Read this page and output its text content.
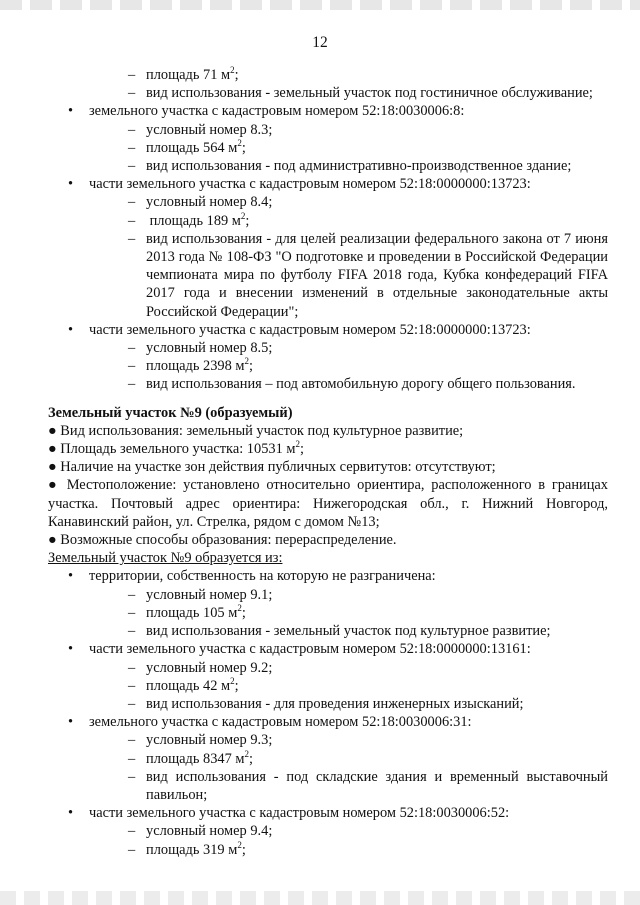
12
– площадь 71 $м^2$;
– вид использования - земельный участок под гостиничное обслуживание;
• земельного участка с кадастровым номером 52:18:0030006:8:
– условный номер 8.3;
– площадь 564 $м^2$;
– вид использования - под административно-производственное здание;
• части земельного участка с кадастровым номером 52:18:0000000:13723:
– условный номер 8.4;
– площадь 189 $м^2$;
– вид использования - для целей реализации федерального закона от 7 июня 2013 года № 108-ФЗ "О подготовке и проведении в Российской Федерации чемпионата мира по футболу FIFA 2018 года, Кубка конфедераций FIFA 2017 года и внесении изменений в отдельные законодательные акты Российской Федерации";
• части земельного участка с кадастровым номером 52:18:0000000:13723:
– условный номер 8.5;
– площадь 2398 $м^2$;
– вид использования – под автомобильную дорогу общего пользования.
Земельный участок №9 (образуемый)
● Вид использования: земельный участок под культурное развитие;
● Площадь земельного участка: 10531 $м^2$;
● Наличие на участке зон действия публичных сервитутов: отсутствуют;
● Местоположение: установлено относительно ориентира, расположенного в границах участка. Почтовый адрес ориентира: Нижегородская обл., г. Нижний Новгород, Канавинский район, ул. Стрелка, рядом с домом №13;
● Возможные способы образования: перераспределение.
Земельный участок №9 образуется из:
• территории, собственность на которую не разграничена:
– условный номер 9.1;
– площадь 105 $м^2$;
– вид использования - земельный участок под культурное развитие;
• части земельного участка с кадастровым номером 52:18:0000000:13161:
– условный номер 9.2;
– площадь 42 $м^2$;
– вид использования - для проведения инженерных изысканий;
• земельного участка с кадастровым номером 52:18:0030006:31:
– условный номер 9.3;
– площадь 8347 $м^2$;
– вид использования - под складские здания и временный выставочный павильон;
• части земельного участка с кадастровым номером 52:18:0030006:52:
– условный номер 9.4;
– площадь 319 $м^2$;
